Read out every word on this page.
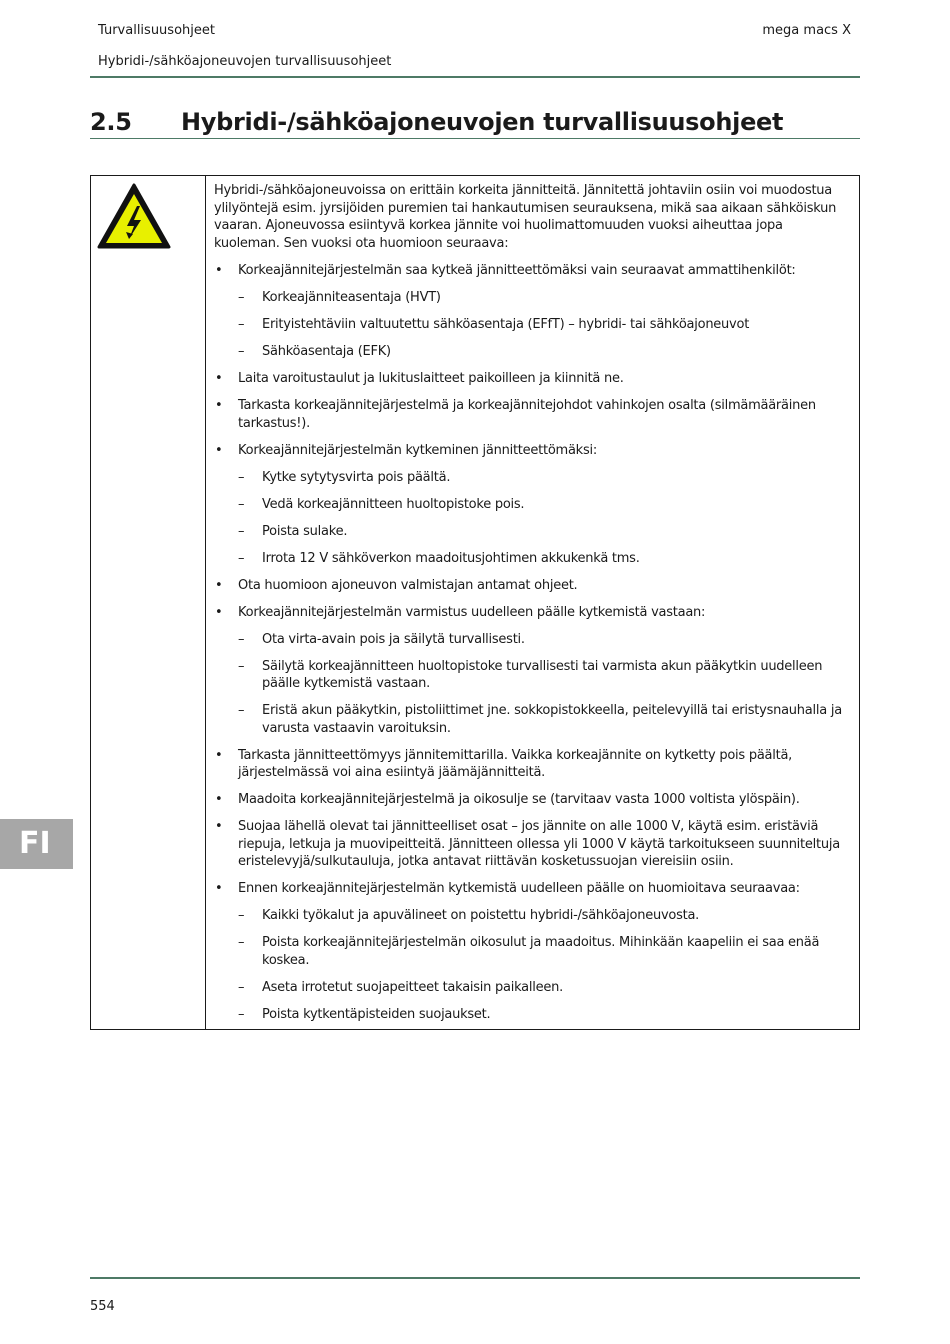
Turvallisuusohjeet	mega macs X
Hybridi-/sähköajoneuvojen turvallisuusohjeet
2.5 Hybridi-/sähköajoneuvojen turvallisuusohjeet

Hybridi-/sähköajoneuvoissa on erittäin korkeita jännitteitä. Jännitettä johtaviin osiin voi muodostua ylilyöntejä esim. jyrsijöiden puremien tai hankautumisen seurauksena, mikä saa aikaan sähköiskun vaaran. Ajoneuvossa esiintyvä korkea jännite voi huolimattomuuden vuoksi aiheuttaa jopa kuoleman. Sen vuoksi ota huomioon seuraava:

• Korkeajännitejärjestelmän saa kytkeä jännitteettömäksi vain seuraavat ammattihenkilöt:
– Korkeajänniteasentaja (HVT)
– Erityistehtäviin valtuutettu sähköasentaja (EFfT) – hybridi- tai sähköajoneuvot
– Sähköasentaja (EFK)
• Laita varoitustaulut ja lukituslaitteet paikoilleen ja kiinnitä ne.
• Tarkasta korkeajännitejärjestelmä ja korkeajännitejohdot vahinkojen osalta (silmämääräinen tarkastus!).
• Korkeajännitejärjestelmän kytkeminen jännitteettömäksi:
– Kytke sytytysvirta pois päältä.
– Vedä korkeajännitteen huoltopistoke pois.
– Poista sulake.
– Irrota 12 V sähköverkon maadoitusjohtimen akkukenkä tms.
• Ota huomioon ajoneuvon valmistajan antamat ohjeet.
• Korkeajännitejärjestelmän varmistus uudelleen päälle kytkemistä vastaan:
– Ota virta-avain pois ja säilytä turvallisesti.
– Säilytä korkeajännitteen huoltopistoke turvallisesti tai varmista akun pääkytkin uudelleen päälle kytkemistä vastaan.
– Eristä akun pääkytkin, pistoliittimet jne. sokkopistokkeella, peitelevyillä tai eristysnauhalla ja varusta vastaavin varoituksin.
• Tarkasta jännitteettömyys jännitemittarilla. Vaikka korkeajännite on kytketty pois päältä, järjestelmässä voi aina esiintyä jäämäjännitteitä.
• Maadoita korkeajännitejärjestelmä ja oikosulje se (tarvitaav vasta 1000 voltista ylöspäin).
• Suojaa lähellä olevat tai jännitteelliset osat – jos jännite on alle 1000 V, käytä esim. eristäviä riepuja, letkuja ja muovipeitteitä. Jännitteen ollessa yli 1000 V käytä tarkoitukseen suunniteltuja eristelevyjä/sulkutauluja, jotka antavat riittävän kosketussuojan viereisiin osiin.
• Ennen korkeajännitejärjestelmän kytkemistä uudelleen päälle on huomioitava seuraavaa:
– Kaikki työkalut ja apuvälineet on poistettu hybridi-/sähköajoneuvosta.
– Poista korkeajännitejärjestelmän oikosulut ja maadoitus. Mihinkään kaapeliin ei saa enää koskea.
– Aseta irrotetut suojapeitteet takaisin paikalleen.
– Poista kytkentäpisteiden suojaukset.
FI
554
